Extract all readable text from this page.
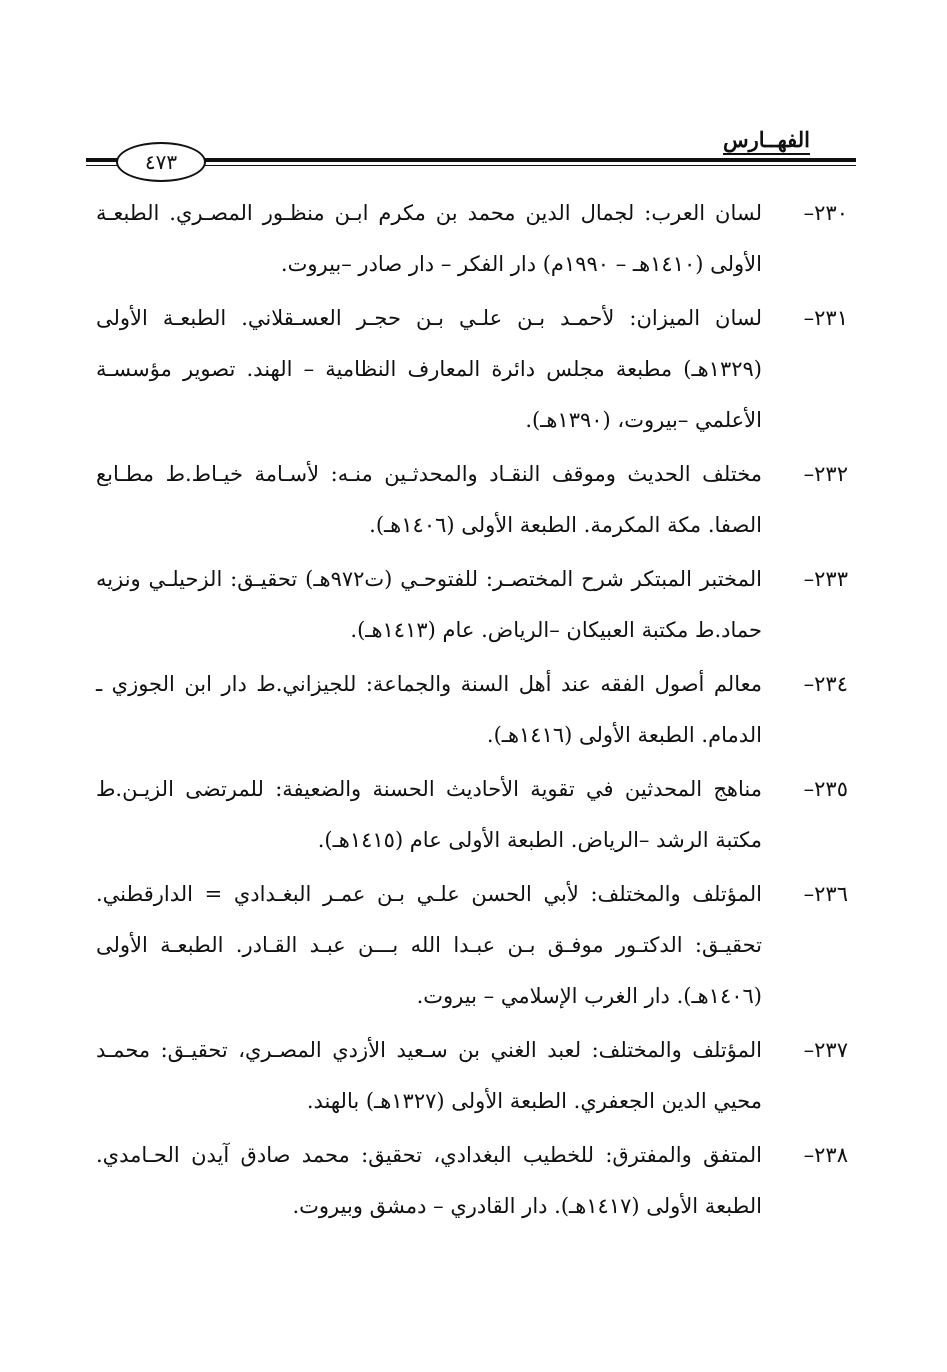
الفهــارس
٤٧٣
٢٣٠–
لسان العرب: لجمال الدين محمد بن مكرم ابـن منظـور المصـري. الطبعـة الأولى (١٤١٠هـ – ١٩٩٠م) دار الفكر – دار صادر –بيروت.
٢٣١–
لسان الميزان: لأحمـد بـن علـي بـن حجـر العسـقلاني. الطبعـة الأولى (١٣٢٩هـ) مطبعة مجلس دائرة المعارف النظامية – الهند. تصوير مؤسسـة الأعلمي –بيروت، (١٣٩٠هـ).
٢٣٢–
مختلف الحديث وموقف النقـاد والمحدثـين منـه: لأسـامة خيـاط.ط مطـابع الصفا. مكة المكرمة. الطبعة الأولى (١٤٠٦هـ).
٢٣٣–
المختبر المبتكر شرح المختصـر: للفتوحـي (ت٩٧٢هـ) تحقيـق: الزحيلـي ونزيه حماد.ط مكتبة العبيكان –الرياض. عام (١٤١٣هـ).
٢٣٤–
معالم أصول الفقه عند أهل السنة والجماعة: للجيزاني.ط دار ابن الجوزي ـ الدمام. الطبعة الأولى (١٤١٦هـ).
٢٣٥–
مناهج المحدثين في تقوية الأحاديث الحسنة والضعيفة: للمرتضى الزيـن.ط مكتبة الرشد –الرياض. الطبعة الأولى عام (١٤١٥هـ).
٢٣٦–
المؤتلف والمختلف: لأبي الحسن علـي بـن عمـر البغـدادي = الدارقطني. تحقيـق: الدكتـور موفـق بـن عبـدا الله بـــن عبـد القـادر. الطبعـة الأولى (١٤٠٦هـ). دار الغرب الإسلامي – بيروت.
٢٣٧–
المؤتلف والمختلف: لعبد الغني بن سـعيد الأزدي المصـري، تحقيـق: محمـد محيي الدين الجعفري. الطبعة الأولى (١٣٢٧هـ) بالهند.
٢٣٨–
المتفق والمفترق: للخطيب البغدادي، تحقيق: محمد صادق آيدن الحـامدي. الطبعة الأولى (١٤١٧هـ). دار القادري – دمشق وبيروت.
